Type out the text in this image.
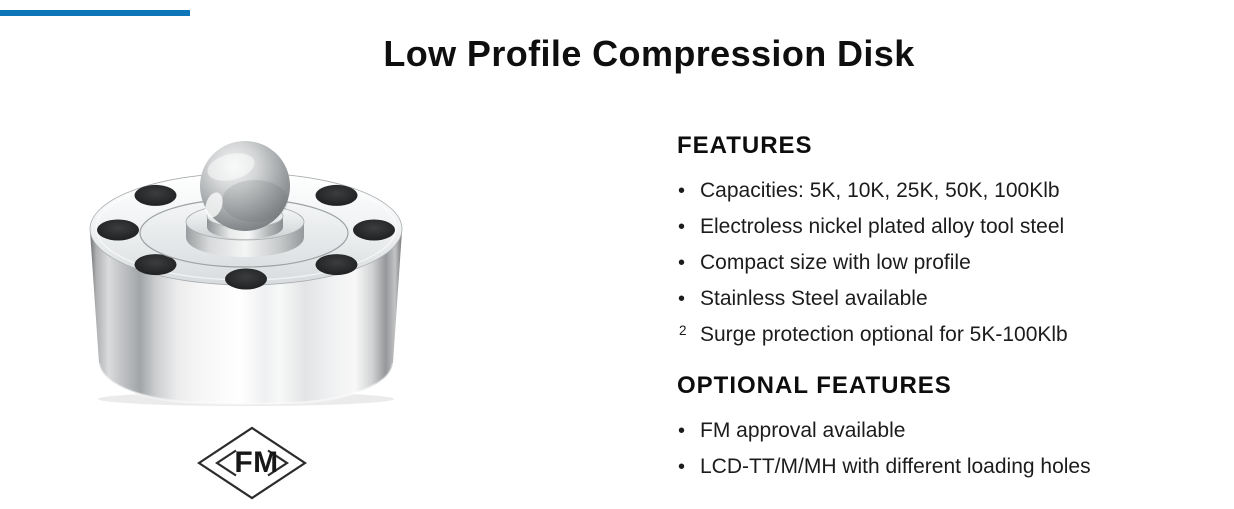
Low Profile Compression Disk
FM
FEATURES
• Capacities: 5K, 10K, 25K, 50K, 100Klb
• Electroless nickel plated alloy tool steel
• Compact size with low profile
• Stainless Steel available
2 Surge protection optional for 5K-100Klb
OPTIONAL FEATURES
• FM approval available
• LCD-TT/M/MH with different loading holes
